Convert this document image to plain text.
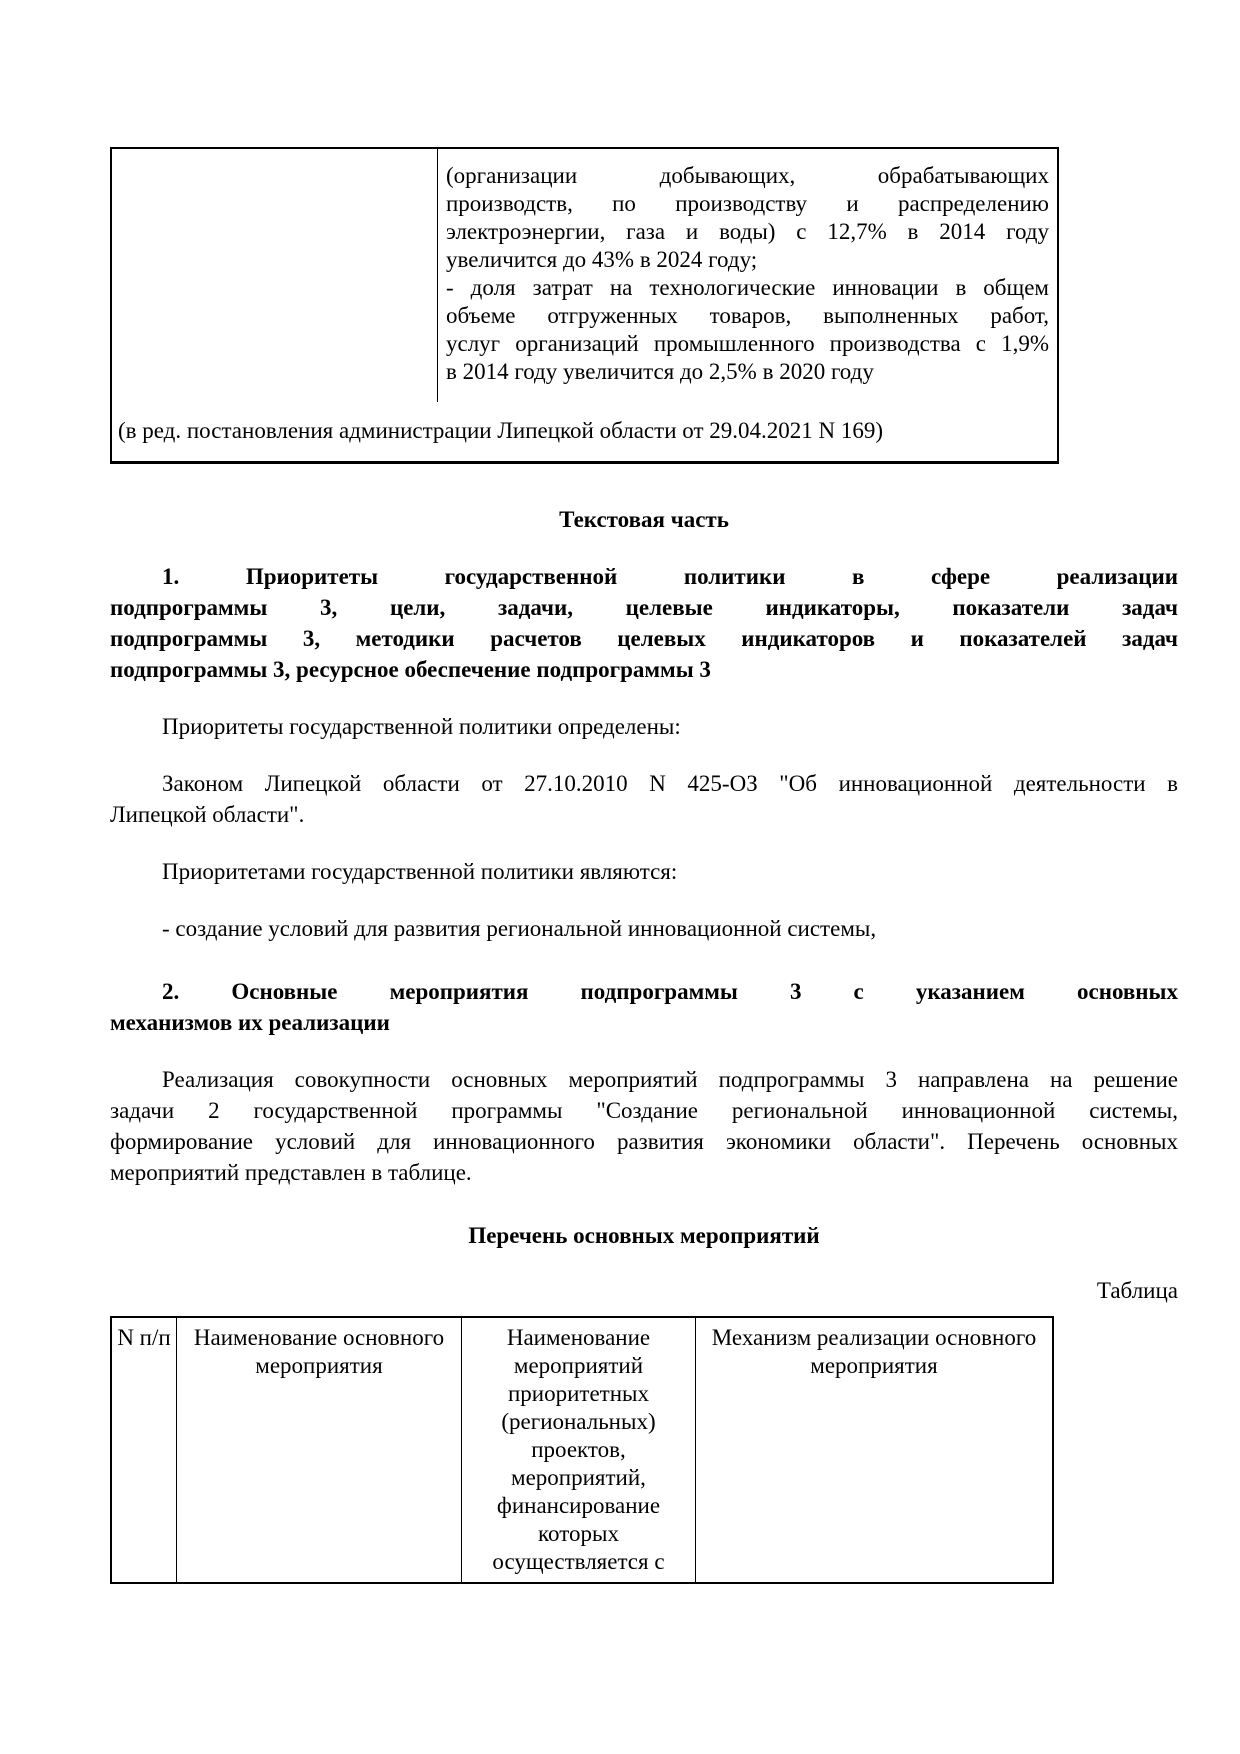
(организации добывающих, обрабатывающих
производств, по производству и распределению
электроэнергии, газа и воды) с 12,7% в 2014 году
увеличится до 43% в 2024 году;
- доля затрат на технологические инновации в общем
объеме отгруженных товаров, выполненных работ,
услуг организаций промышленного производства с 1,9%
в 2014 году увеличится до 2,5% в 2020 году
(в ред. постановления администрации Липецкой области от 29.04.2021 N 169)
Текстовая часть
1. Приоритеты государственной политики в сфере реализации
подпрограммы 3, цели, задачи, целевые индикаторы, показатели задач
подпрограммы 3, методики расчетов целевых индикаторов и показателей задач
подпрограммы 3, ресурсное обеспечение подпрограммы 3
Приоритеты государственной политики определены:
Законом Липецкой области от 27.10.2010 N 425-ОЗ "Об инновационной деятельности в
Липецкой области".
Приоритетами государственной политики являются:
- создание условий для развития региональной инновационной системы,
2. Основные мероприятия подпрограммы 3 с указанием основных
механизмов их реализации
Реализация совокупности основных мероприятий подпрограммы 3 направлена на решение
задачи 2 государственной программы "Создание региональной инновационной системы,
формирование условий для инновационного развития экономики области". Перечень основных
мероприятий представлен в таблице.
Перечень основных мероприятий
Таблица
N п/п	Наименование основного мероприятия	Наименование мероприятий приоритетных (региональных) проектов, мероприятий, финансирование которых осуществляется с	Механизм реализации основного мероприятия
